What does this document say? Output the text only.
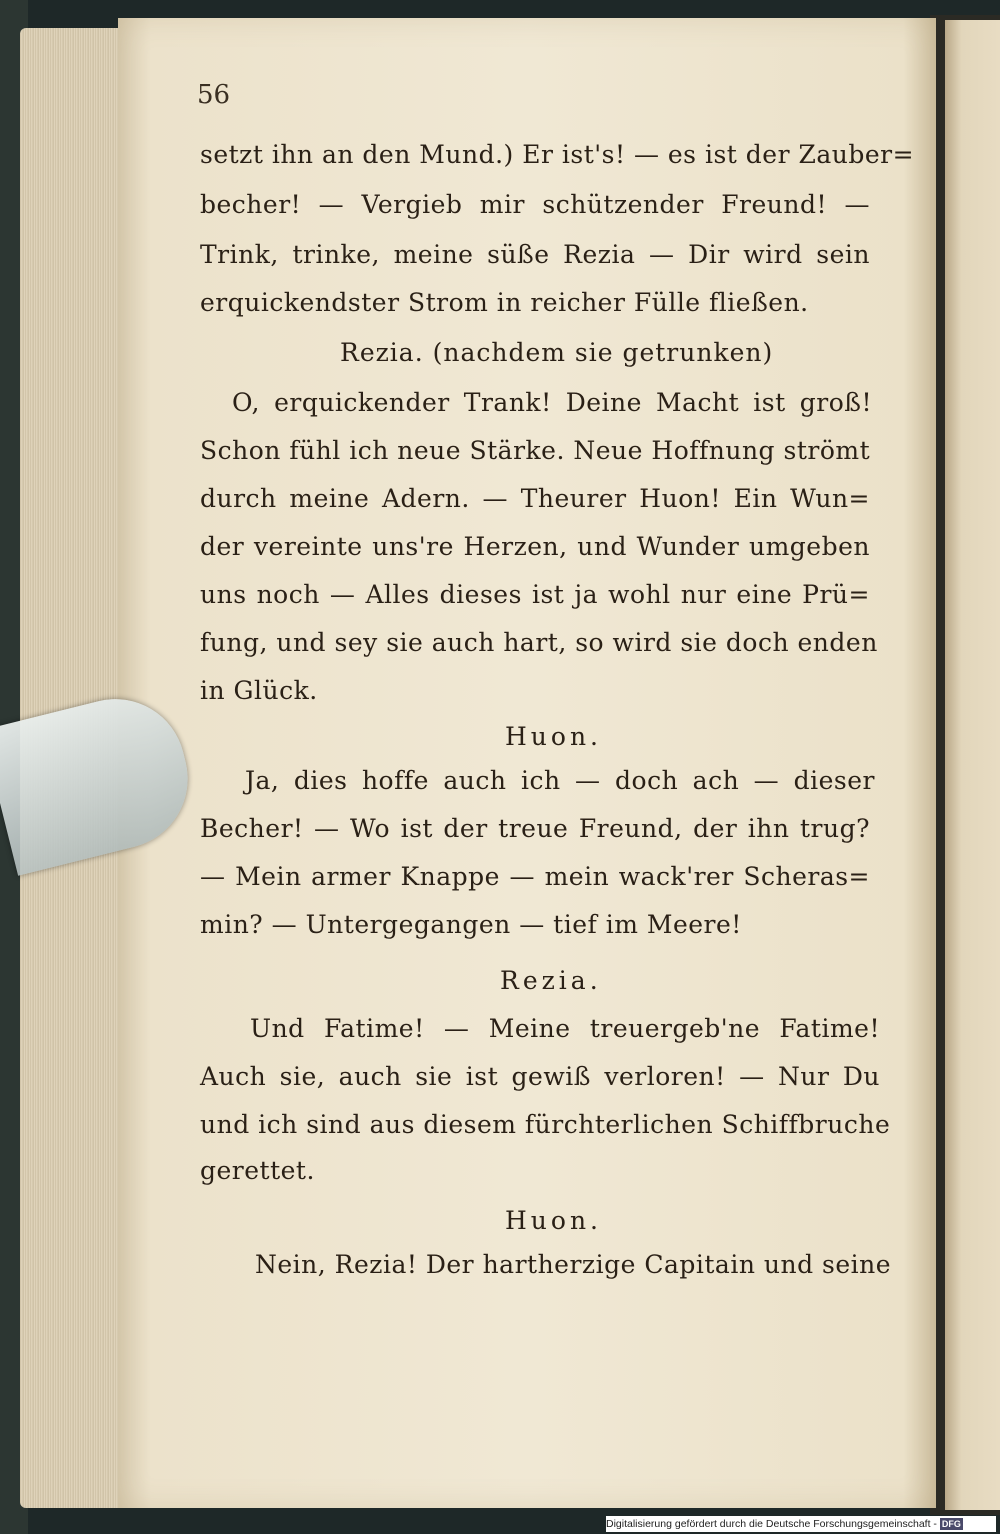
56
setzt ihn an den Mund.) Er ist's! — es ist der Zauber=
becher! — Vergieb mir schützender Freund! —
Trink, trinke, meine süße Rezia — Dir wird sein
erquickendster Strom in reicher Fülle fließen.
Rezia. (nachdem sie getrunken)
O, erquickender Trank! Deine Macht ist groß!
Schon fühl ich neue Stärke. Neue Hoffnung strömt
durch meine Adern. — Theurer Huon! Ein Wun=
der vereinte uns're Herzen, und Wunder umgeben
uns noch — Alles dieses ist ja wohl nur eine Prü=
fung, und sey sie auch hart, so wird sie doch enden
in Glück.
Huon.
Ja, dies hoffe auch ich — doch ach — dieser
Becher! — Wo ist der treue Freund, der ihn trug?
— Mein armer Knappe — mein wack'rer Scheras=
min? — Untergegangen — tief im Meere!
Rezia.
Und Fatime! — Meine treuergeb'ne Fatime!
Auch sie, auch sie ist gewiß verloren! — Nur Du
und ich sind aus diesem fürchterlichen Schiffbruche
gerettet.
Huon.
Nein, Rezia! Der hartherzige Capitain und seine
Digitalisierung gefördert durch die Deutsche Forschungsgemeinschaft - DFG
